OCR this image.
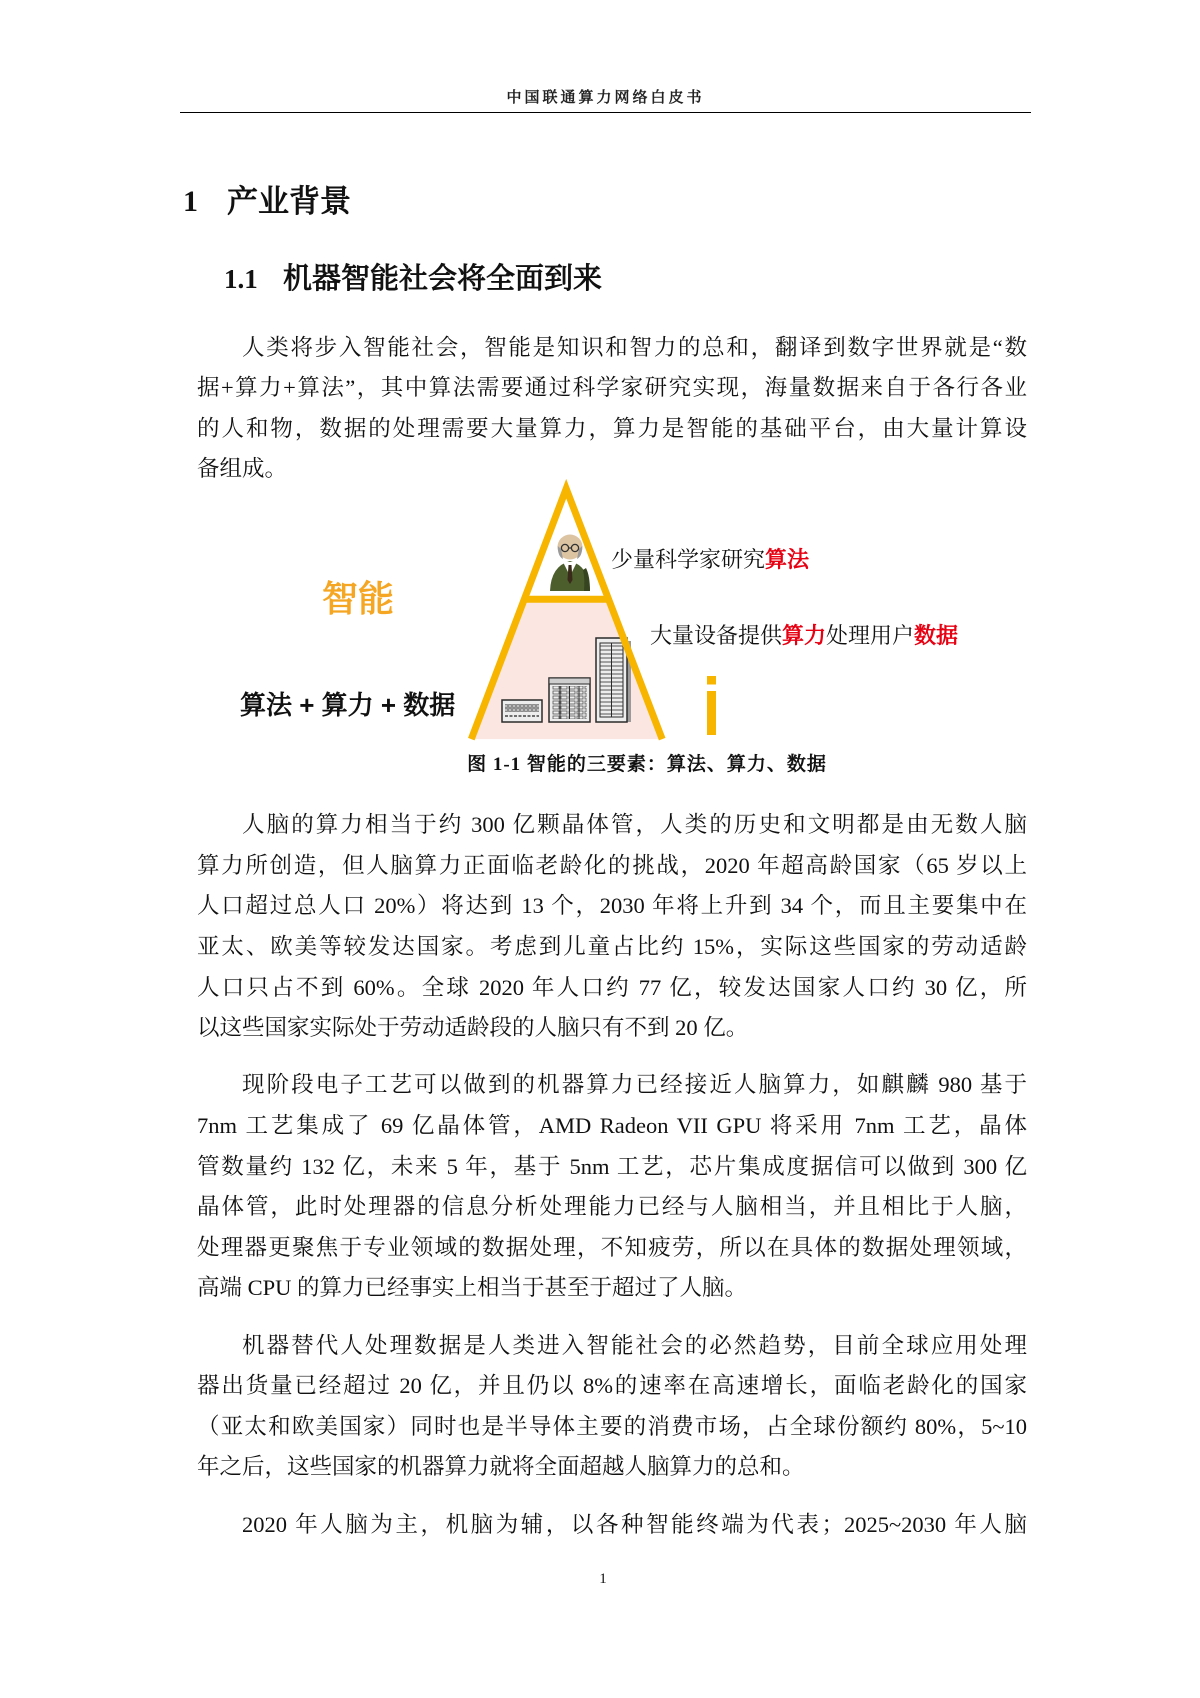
中国联通算力网络白皮书
1 产业背景
1.1 机器智能社会将全面到来
人类将步入智能社会，智能是知识和智力的总和，翻译到数字世界就是“数
据+算力+算法”，其中算法需要通过科学家研究实现，海量数据来自于各行各业
的人和物，数据的处理需要大量算力，算力是智能的基础平台，由大量计算设
备组成。
智能
少量科学家研究算法
大量设备提供算力处理用户数据
算法 + 算力 + 数据
图 1-1 智能的三要素：算法、算力、数据
人脑的算力相当于约 300 亿颗晶体管，人类的历史和文明都是由无数人脑
算力所创造，但人脑算力正面临老龄化的挑战，2020 年超高龄国家（65 岁以上
人口超过总人口 20%）将达到 13 个，2030 年将上升到 34 个，而且主要集中在
亚太、欧美等较发达国家。考虑到儿童占比约 15%，实际这些国家的劳动适龄
人口只占不到 60%。全球 2020 年人口约 77 亿，较发达国家人口约 30 亿，所
以这些国家实际处于劳动适龄段的人脑只有不到 20 亿。
现阶段电子工艺可以做到的机器算力已经接近人脑算力，如麒麟 980 基于
7nm 工艺集成了 69 亿晶体管，AMD Radeon VII GPU 将采用 7nm 工艺，晶体
管数量约 132 亿，未来 5 年，基于 5nm 工艺，芯片集成度据信可以做到 300 亿
晶体管，此时处理器的信息分析处理能力已经与人脑相当，并且相比于人脑，
处理器更聚焦于专业领域的数据处理，不知疲劳，所以在具体的数据处理领域，
高端 CPU 的算力已经事实上相当于甚至于超过了人脑。
机器替代人处理数据是人类进入智能社会的必然趋势，目前全球应用处理
器出货量已经超过 20 亿，并且仍以 8%的速率在高速增长，面临老龄化的国家
（亚太和欧美国家）同时也是半导体主要的消费市场，占全球份额约 80%，5~10
年之后，这些国家的机器算力就将全面超越人脑算力的总和。
2020 年人脑为主，机脑为辅，以各种智能终端为代表；2025~2030 年人脑
1
